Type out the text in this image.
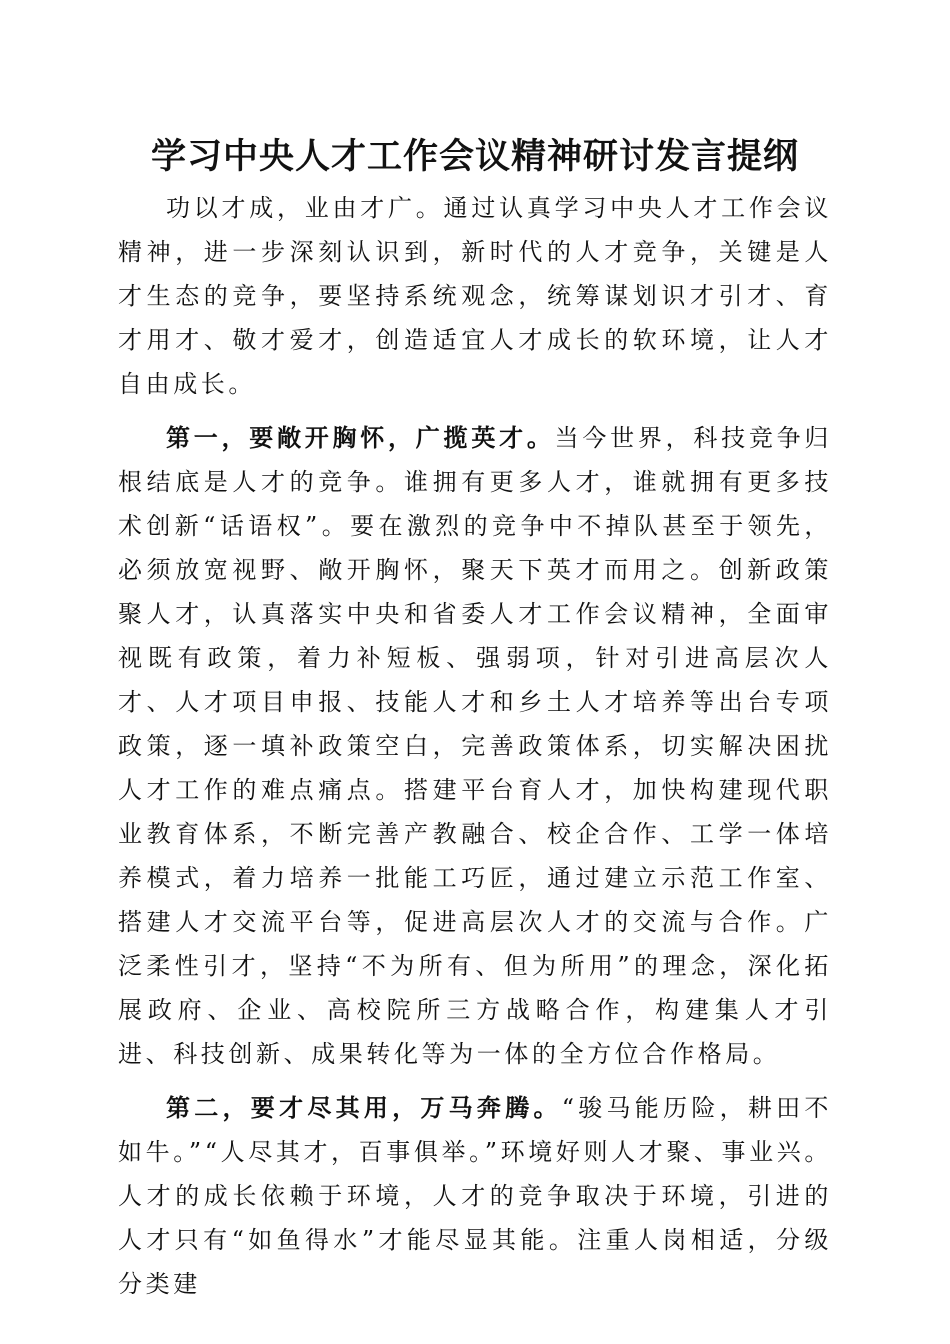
学习中央人才工作会议精神研讨发言提纲

功以才成，业由才广。通过认真学习中央人才工作会议精神，进一步深刻认识到，新时代的人才竞争，关键是人才生态的竞争，要坚持系统观念，统筹谋划识才引才、育才用才、敬才爱才，创造适宜人才成长的软环境，让人才自由成长。

第一，要敞开胸怀，广揽英才。当今世界，科技竞争归根结底是人才的竞争。谁拥有更多人才，谁就拥有更多技术创新“话语权”。要在激烈的竞争中不掉队甚至于领先，必须放宽视野、敞开胸怀，聚天下英才而用之。创新政策聚人才，认真落实中央和省委人才工作会议精神，全面审视既有政策，着力补短板、强弱项，针对引进高层次人才、人才项目申报、技能人才和乡土人才培养等出台专项政策，逐一填补政策空白，完善政策体系，切实解决困扰人才工作的难点痛点。搭建平台育人才，加快构建现代职业教育体系，不断完善产教融合、校企合作、工学一体培养模式，着力培养一批能工巧匠，通过建立示范工作室、搭建人才交流平台等，促进高层次人才的交流与合作。广泛柔性引才，坚持“不为所有、但为所用”的理念，深化拓展政府、企业、高校院所三方战略合作，构建集人才引进、科技创新、成果转化等为一体的全方位合作格局。

第二，要才尽其用，万马奔腾。“骏马能历险，耕田不如牛。”“人尽其才，百事俱举。”环境好则人才聚、事业兴。人才的成长依赖于环境，人才的竞争取决于环境，引进的人才只有“如鱼得水”才能尽显其能。注重人岗相适，分级分类建
